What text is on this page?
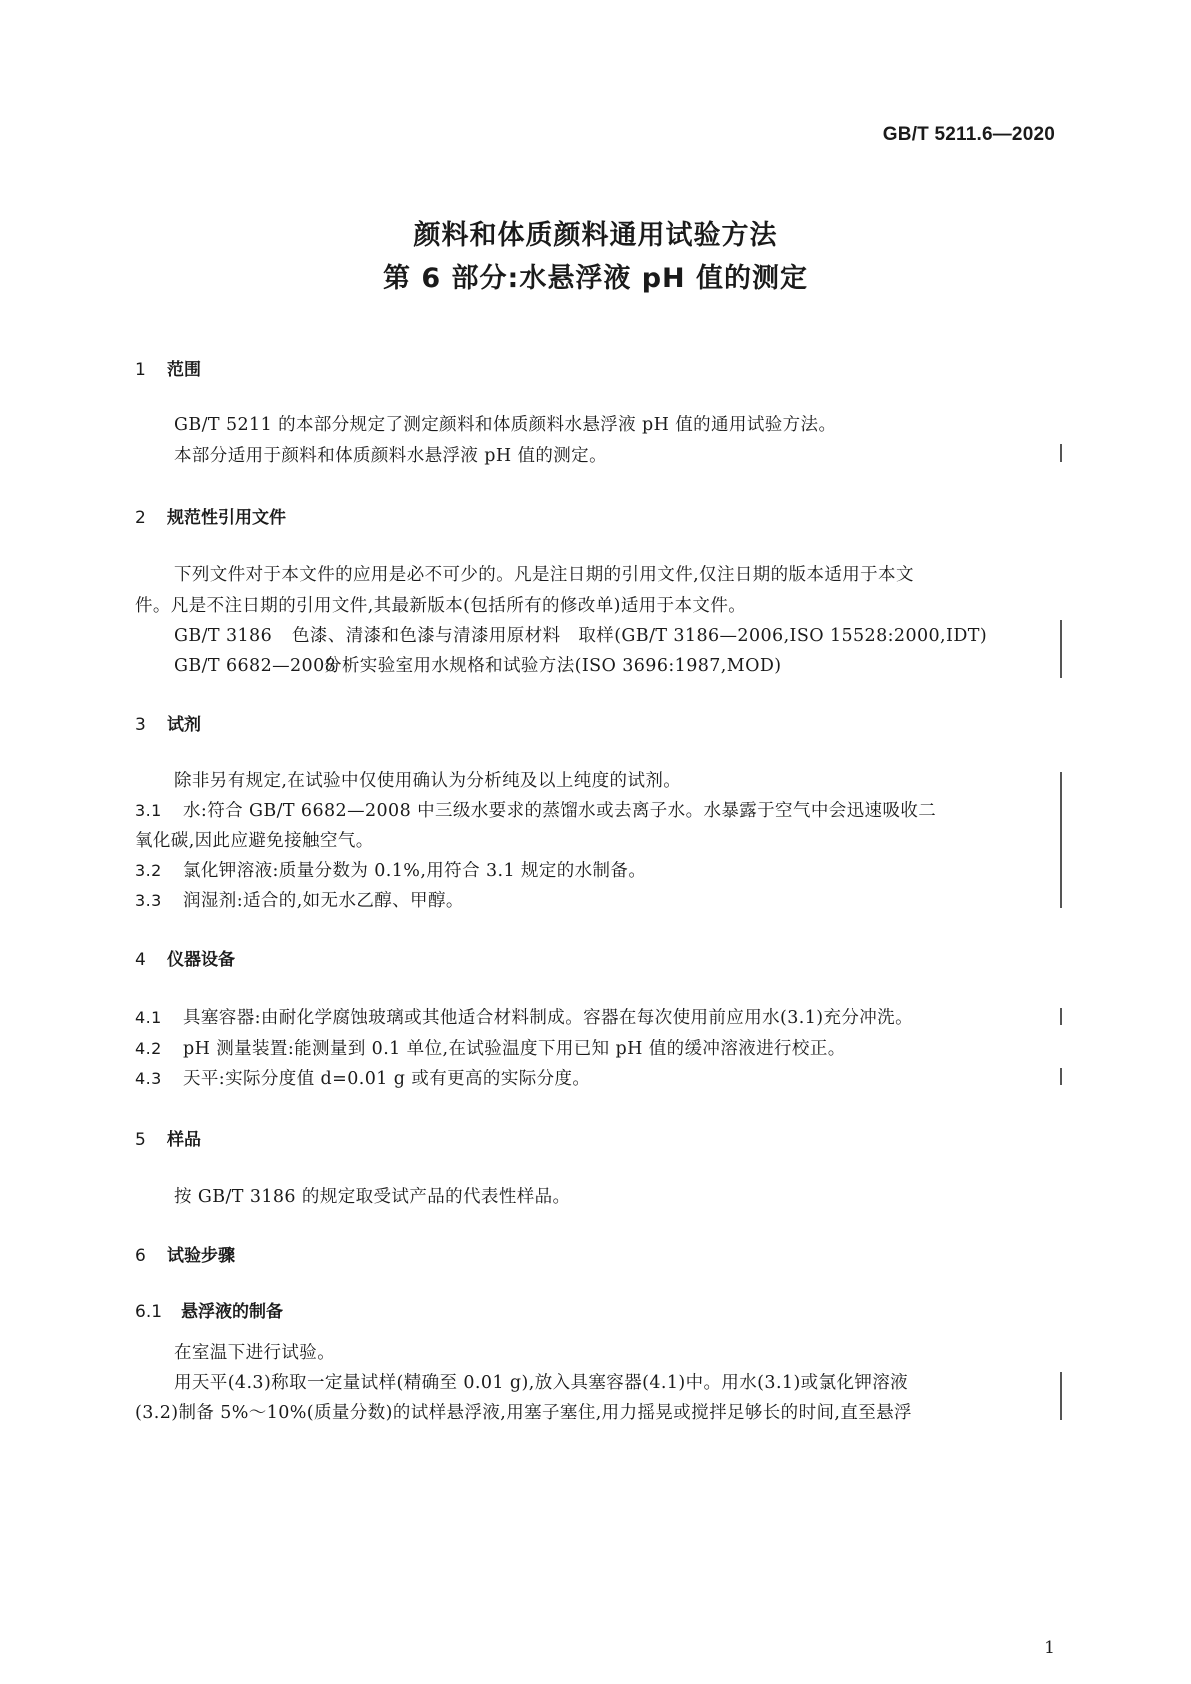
GB/T 5211.6—2020
颜料和体质颜料通用试验方法
第 6 部分:水悬浮液 pH 值的测定
1 范围
GB/T 5211 的本部分规定了测定颜料和体质颜料水悬浮液 pH 值的通用试验方法。
本部分适用于颜料和体质颜料水悬浮液 pH 值的测定。
2 规范性引用文件
下列文件对于本文件的应用是必不可少的。凡是注日期的引用文件,仅注日期的版本适用于本文
件。凡是不注日期的引用文件,其最新版本(包括所有的修改单)适用于本文件。
GB/T 3186 色漆、清漆和色漆与清漆用原材料　取样(GB/T 3186—2006,ISO 15528:2000,IDT)
GB/T 6682—2008分析实验室用水规格和试验方法(ISO 3696:1987,MOD)
3 试剂
除非另有规定,在试验中仅使用确认为分析纯及以上纯度的试剂。
3.1 水:符合 GB/T 6682—2008 中三级水要求的蒸馏水或去离子水。水暴露于空气中会迅速吸收二
氧化碳,因此应避免接触空气。
3.2 氯化钾溶液:质量分数为 0.1%,用符合 3.1 规定的水制备。
3.3 润湿剂:适合的,如无水乙醇、甲醇。
4 仪器设备
4.1 具塞容器:由耐化学腐蚀玻璃或其他适合材料制成。容器在每次使用前应用水(3.1)充分冲洗。
4.2 pH 测量装置:能测量到 0.1 单位,在试验温度下用已知 pH 值的缓冲溶液进行校正。
4.3 天平:实际分度值 d=0.01 g 或有更高的实际分度。
5 样品
按 GB/T 3186 的规定取受试产品的代表性样品。
6 试验步骤
6.1 悬浮液的制备
在室温下进行试验。
用天平(4.3)称取一定量试样(精确至 0.01 g),放入具塞容器(4.1)中。用水(3.1)或氯化钾溶液
(3.2)制备 5%～10%(质量分数)的试样悬浮液,用塞子塞住,用力摇晃或搅拌足够长的时间,直至悬浮
1
